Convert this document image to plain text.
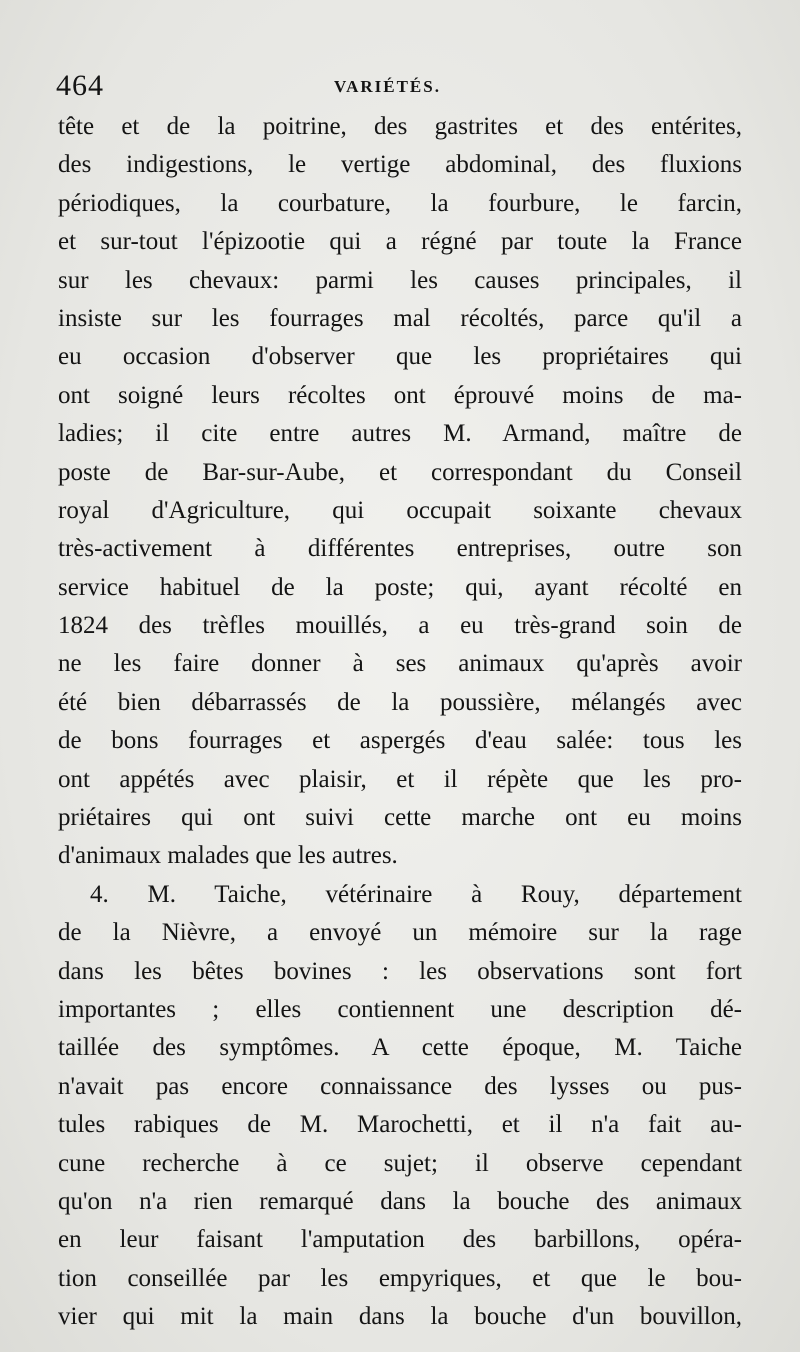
464	VARIÉTÉS.
tête et de la poitrine, des gastrites et des entérites,
des indigestions, le vertige abdominal, des fluxions
périodiques, la courbature, la fourbure, le farcin,
et sur-tout l'épizootie qui a régné par toute la France
sur les chevaux: parmi les causes principales, il
insiste sur les fourrages mal récoltés, parce qu'il a
eu occasion d'observer que les propriétaires qui
ont soigné leurs récoltes ont éprouvé moins de ma-
ladies; il cite entre autres M. Armand, maître de
poste de Bar-sur-Aube, et correspondant du Conseil
royal d'Agriculture, qui occupait soixante chevaux
très-activement à différentes entreprises, outre son
service habituel de la poste; qui, ayant récolté en
1824 des trèfles mouillés, a eu très-grand soin de
ne les faire donner à ses animaux qu'après avoir
été bien débarrassés de la poussière, mélangés avec
de bons fourrages et aspergés d'eau salée: tous les
ont appétés avec plaisir, et il répète que les pro-
priétaires qui ont suivi cette marche ont eu moins
d'animaux malades que les autres.
4. M. Taiche, vétérinaire à Rouy, département
de la Nièvre, a envoyé un mémoire sur la rage
dans les bêtes bovines : les observations sont fort
importantes ; elles contiennent une description dé-
taillée des symptômes. A cette époque, M. Taiche
n'avait pas encore connaissance des lysses ou pus-
tules rabiques de M. Marochetti, et il n'a fait au-
cune recherche à ce sujet; il observe cependant
qu'on n'a rien remarqué dans la bouche des animaux
en leur faisant l'amputation des barbillons, opéra-
tion conseillée par les empyriques, et que le bou-
vier qui mit la main dans la bouche d'un bouvillon,
